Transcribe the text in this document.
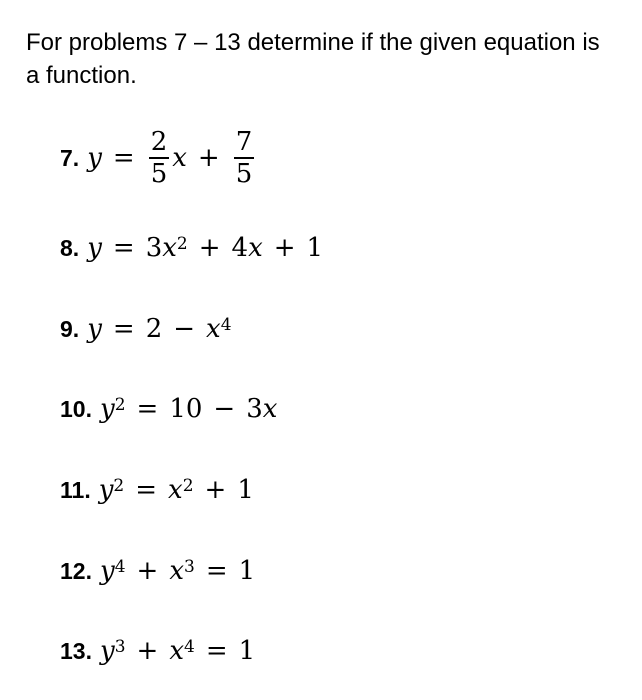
For problems 7 – 13 determine if the given equation is a function.
7. $y = \frac{2}{5}$ $x + \frac{7}{5}$
8. y = 3 $x^2 + 4$ x + 1
9. $y = 2 - x^4$
10. $y^2 = 10 - 3$ x
11. $y^2 = x^2 + 1$
12. $y^4 + x^3 = 1$
13. $y^3 + x^4 = 1$
